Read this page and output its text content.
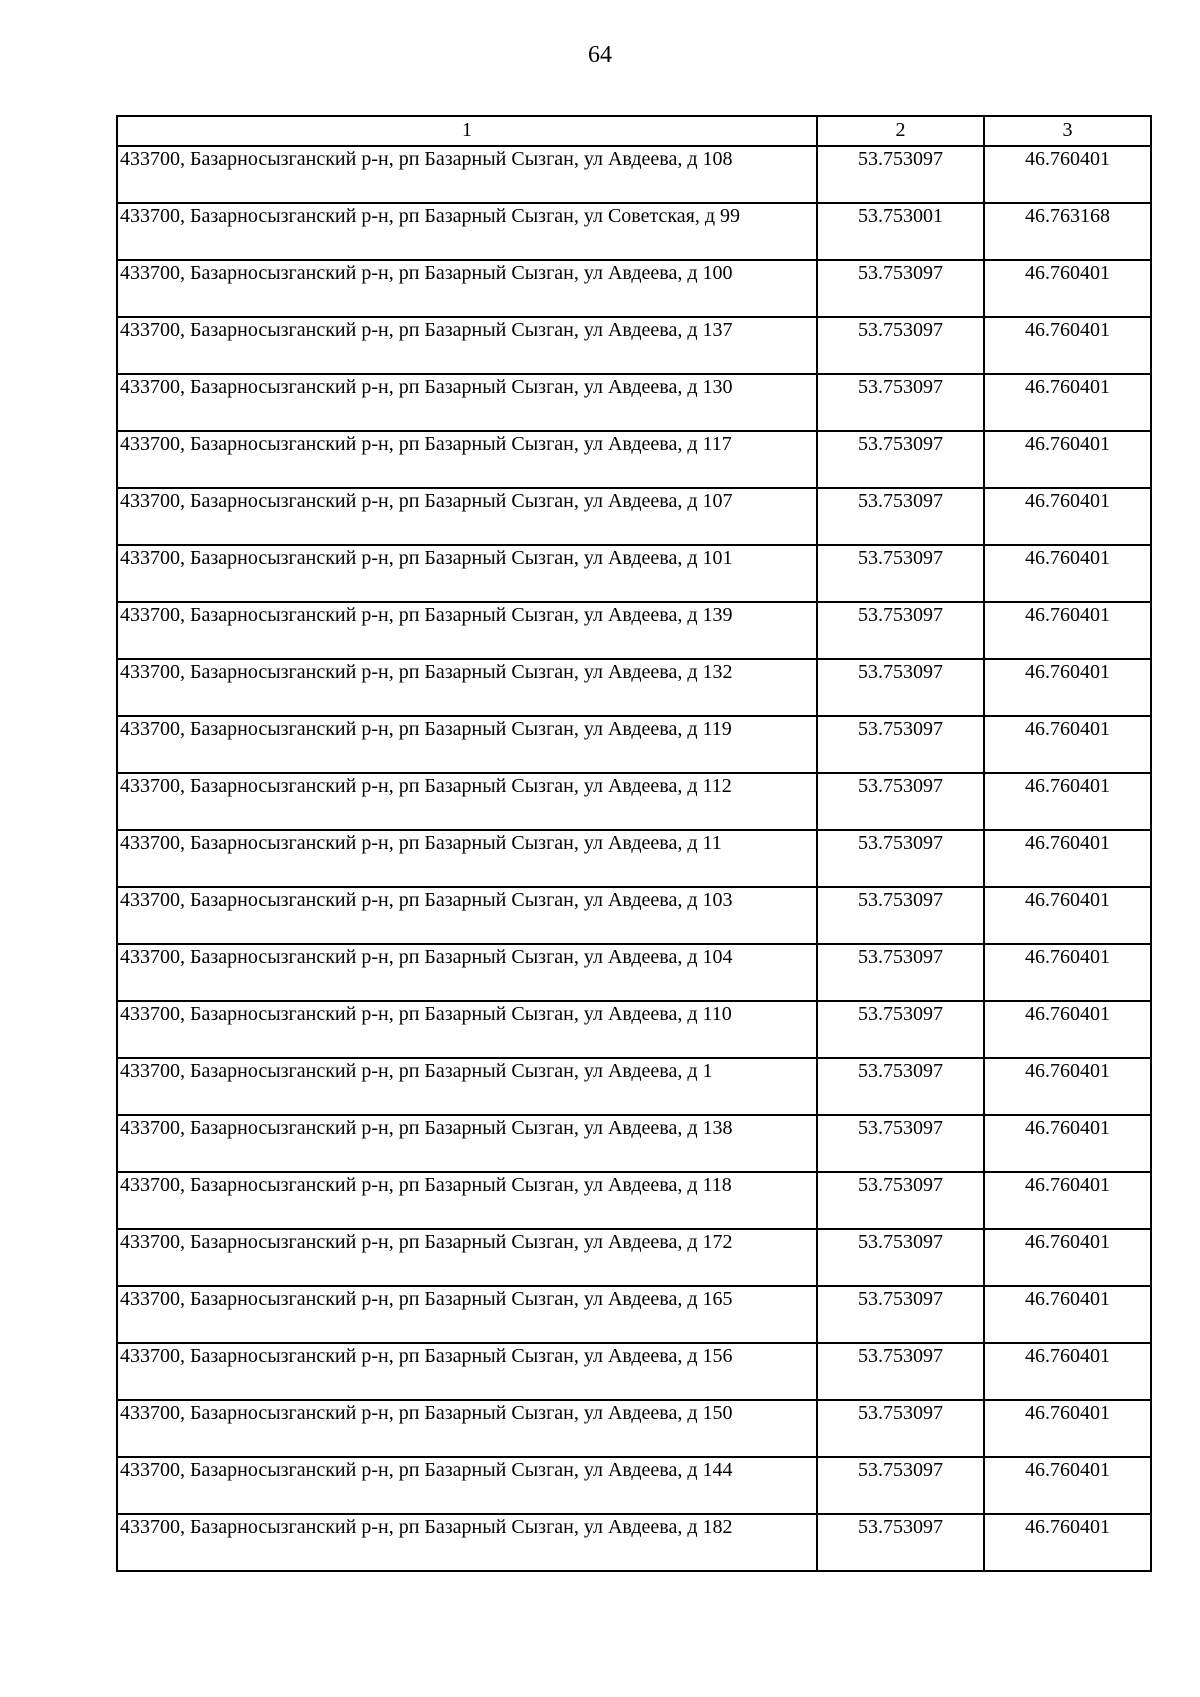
64
1	2	3
433700, Базарносызганский р-н, рп Базарный Сызган, ул Авдеева, д 108	53.753097	46.760401
433700, Базарносызганский р-н, рп Базарный Сызган, ул Советская, д 99	53.753001	46.763168
433700, Базарносызганский р-н, рп Базарный Сызган, ул Авдеева, д 100	53.753097	46.760401
433700, Базарносызганский р-н, рп Базарный Сызган, ул Авдеева, д 137	53.753097	46.760401
433700, Базарносызганский р-н, рп Базарный Сызган, ул Авдеева, д 130	53.753097	46.760401
433700, Базарносызганский р-н, рп Базарный Сызган, ул Авдеева, д 117	53.753097	46.760401
433700, Базарносызганский р-н, рп Базарный Сызган, ул Авдеева, д 107	53.753097	46.760401
433700, Базарносызганский р-н, рп Базарный Сызган, ул Авдеева, д 101	53.753097	46.760401
433700, Базарносызганский р-н, рп Базарный Сызган, ул Авдеева, д 139	53.753097	46.760401
433700, Базарносызганский р-н, рп Базарный Сызган, ул Авдеева, д 132	53.753097	46.760401
433700, Базарносызганский р-н, рп Базарный Сызган, ул Авдеева, д 119	53.753097	46.760401
433700, Базарносызганский р-н, рп Базарный Сызган, ул Авдеева, д 112	53.753097	46.760401
433700, Базарносызганский р-н, рп Базарный Сызган, ул Авдеева, д 11	53.753097	46.760401
433700, Базарносызганский р-н, рп Базарный Сызган, ул Авдеева, д 103	53.753097	46.760401
433700, Базарносызганский р-н, рп Базарный Сызган, ул Авдеева, д 104	53.753097	46.760401
433700, Базарносызганский р-н, рп Базарный Сызган, ул Авдеева, д 110	53.753097	46.760401
433700, Базарносызганский р-н, рп Базарный Сызган, ул Авдеева, д 1	53.753097	46.760401
433700, Базарносызганский р-н, рп Базарный Сызган, ул Авдеева, д 138	53.753097	46.760401
433700, Базарносызганский р-н, рп Базарный Сызган, ул Авдеева, д 118	53.753097	46.760401
433700, Базарносызганский р-н, рп Базарный Сызган, ул Авдеева, д 172	53.753097	46.760401
433700, Базарносызганский р-н, рп Базарный Сызган, ул Авдеева, д 165	53.753097	46.760401
433700, Базарносызганский р-н, рп Базарный Сызган, ул Авдеева, д 156	53.753097	46.760401
433700, Базарносызганский р-н, рп Базарный Сызган, ул Авдеева, д 150	53.753097	46.760401
433700, Базарносызганский р-н, рп Базарный Сызган, ул Авдеева, д 144	53.753097	46.760401
433700, Базарносызганский р-н, рп Базарный Сызган, ул Авдеева, д 182	53.753097	46.760401
